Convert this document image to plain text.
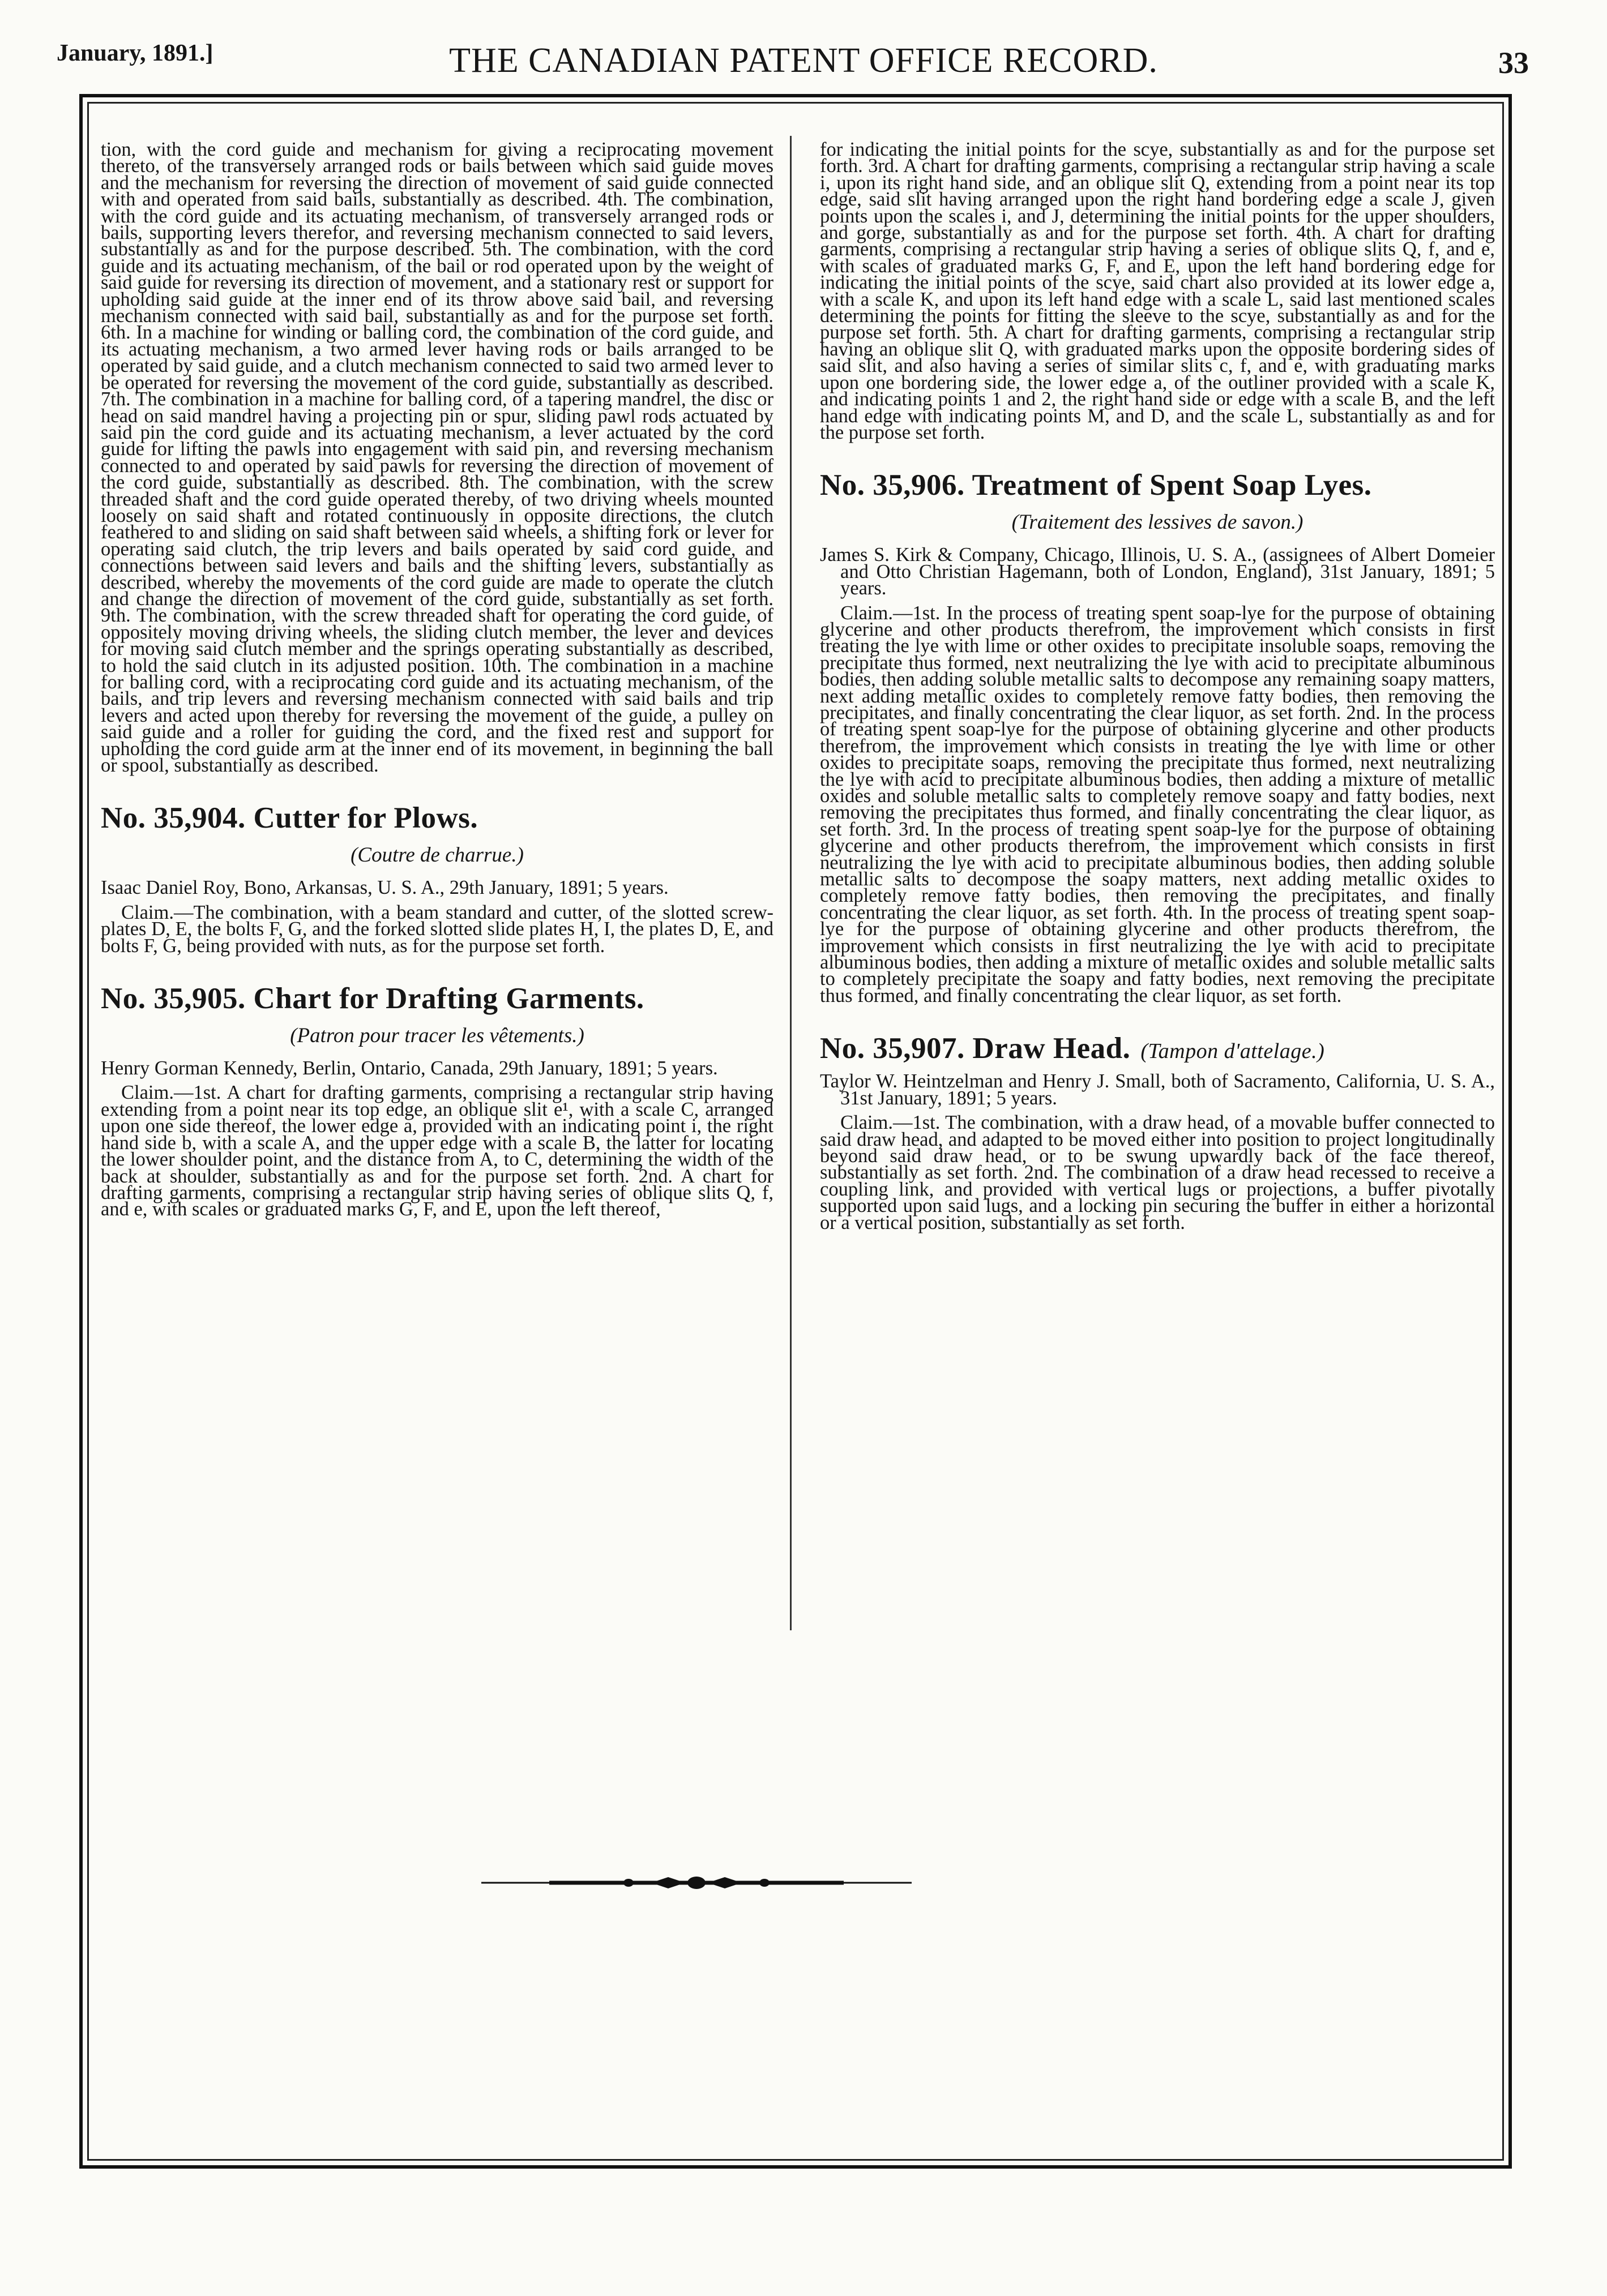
January, 1891.]	THE CANADIAN PATENT OFFICE RECORD.	33

tion, with the cord guide and mechanism for giving a reciprocating movement thereto, of the transversely arranged rods or bails between which said guide moves and the mechanism for reversing the direction of movement of said guide connected with and operated from said bails, substantially as described. 4th. The combination, with the cord guide and its actuating mechanism, of transversely arranged rods or bails, supporting levers therefor, and reversing mechanism connected to said levers, substantially as and for the purpose described. 5th. The combination, with the cord guide and its actuating mechanism, of the bail or rod operated upon by the weight of said guide for reversing its direction of movement, and a stationary rest or support for upholding said guide at the inner end of its throw above said bail, and reversing mechanism connected with said bail, substantially as and for the purpose set forth. 6th. In a machine for winding or balling cord, the combination of the cord guide, and its actuating mechanism, a two armed lever having rods or bails arranged to be operated by said guide, and a clutch mechanism connected to said two armed lever to be operated for reversing the movement of the cord guide, substantially as described. 7th. The combination in a machine for balling cord, of a tapering mandrel, the disc or head on said mandrel having a projecting pin or spur, sliding pawl rods actuated by said pin the cord guide and its actuating mechanism, a lever actuated by the cord guide for lifting the pawls into engagement with said pin, and reversing mechanism connected to and operated by said pawls for reversing the direction of movement of the cord guide, substantially as described. 8th. The combination, with the screw threaded shaft and the cord guide operated thereby, of two driving wheels mounted loosely on said shaft and rotated continuously in opposite directions, the clutch feathered to and sliding on said shaft between said wheels, a shifting fork or lever for operating said clutch, the trip levers and bails operated by said cord guide, and connections between said levers and bails and the shifting levers, substantially as described, whereby the movements of the cord guide are made to operate the clutch and change the direction of movement of the cord guide, substantially as set forth. 9th. The combination, with the screw threaded shaft for operating the cord guide, of oppositely moving driving wheels, the sliding clutch member, the lever and devices for moving said clutch member and the springs operating substantially as described, to hold the said clutch in its adjusted position. 10th. The combination in a machine for balling cord, with a reciprocating cord guide and its actuating mechanism, of the bails, and trip levers and reversing mechanism connected with said bails and trip levers and acted upon thereby for reversing the movement of the guide, a pulley on said guide and a roller for guiding the cord, and the fixed rest and support for upholding the cord guide arm at the inner end of its movement, in beginning the ball or spool, substantially as described.

No. 35,904. Cutter for Plows.
(Coutre de charrue.)

Isaac Daniel Roy, Bono, Arkansas, U. S. A., 29th January, 1891; 5 years.

Claim.—The combination, with a beam standard and cutter, of the slotted screw-plates D, E, the bolts F, G, and the forked slotted slide plates H, I, the plates D, E, and bolts F, G, being provided with nuts, as for the purpose set forth.

No. 35,905. Chart for Drafting Garments.
(Patron pour tracer les vêtements.)

Henry Gorman Kennedy, Berlin, Ontario, Canada, 29th January, 1891; 5 years.

Claim.—1st. A chart for drafting garments, comprising a rectangular strip having extending from a point near its top edge, an oblique slit e¹, with a scale C, arranged upon one side thereof, the lower edge a, provided with an indicating point i, the right hand side b, with a scale A, and the upper edge with a scale B, the latter for locating the lower shoulder point, and the distance from A, to C, determining the width of the back at shoulder, substantially as and for the purpose set forth. 2nd. A chart for drafting garments, comprising a rectangular strip having series of oblique slits Q, f, and e, with scales or graduated marks G, F, and E, upon the left thereof,

for indicating the initial points for the scye, substantially as and for the purpose set forth. 3rd. A chart for drafting garments, comprising a rectangular strip having a scale i, upon its right hand side, and an oblique slit Q, extending from a point near its top edge, said slit having arranged upon the right hand bordering edge a scale J, given points upon the scales i, and J, determining the initial points for the upper shoulders, and gorge, substantially as and for the purpose set forth. 4th. A chart for drafting garments, comprising a rectangular strip having a series of oblique slits Q, f, and e, with scales of graduated marks G, F, and E, upon the left hand bordering edge for indicating the initial points of the scye, said chart also provided at its lower edge a, with a scale K, and upon its left hand edge with a scale L, said last mentioned scales determining the points for fitting the sleeve to the scye, substantially as and for the purpose set forth. 5th. A chart for drafting garments, comprising a rectangular strip having an oblique slit Q, with graduated marks upon the opposite bordering sides of said slit, and also having a series of similar slits c, f, and e, with graduating marks upon one bordering side, the lower edge a, of the outliner provided with a scale K, and indicating points 1 and 2, the right hand side or edge with a scale B, and the left hand edge with indicating points M, and D, and the scale L, substantially as and for the purpose set forth.

No. 35,906. Treatment of Spent Soap Lyes.
(Traitement des lessives de savon.)

James S. Kirk & Company, Chicago, Illinois, U. S. A., (assignees of Albert Domeier and Otto Christian Hagemann, both of London, England), 31st January, 1891; 5 years.

Claim.—1st. In the process of treating spent soap-lye for the purpose of obtaining glycerine and other products therefrom, the improvement which consists in first treating the lye with lime or other oxides to precipitate insoluble soaps, removing the precipitate thus formed, next neutralizing the lye with acid to precipitate albuminous bodies, then adding soluble metallic salts to decompose any remaining soapy matters, next adding metallic oxides to completely remove fatty bodies, then removing the precipitates, and finally concentrating the clear liquor, as set forth. 2nd. In the process of treating spent soap-lye for the purpose of obtaining glycerine and other products therefrom, the improvement which consists in treating the lye with lime or other oxides to precipitate soaps, removing the precipitate thus formed, next neutralizing the lye with acid to precipitate albuminous bodies, then adding a mixture of metallic oxides and soluble metallic salts to completely remove soapy and fatty bodies, next removing the precipitates thus formed, and finally concentrating the clear liquor, as set forth. 3rd. In the process of treating spent soap-lye for the purpose of obtaining glycerine and other products therefrom, the improvement which consists in first neutralizing the lye with acid to precipitate albuminous bodies, then adding soluble metallic salts to decompose the soapy matters, next adding metallic oxides to completely remove fatty bodies, then removing the precipitates, and finally concentrating the clear liquor, as set forth. 4th. In the process of treating spent soap-lye for the purpose of obtaining glycerine and other products therefrom, the improvement which consists in first neutralizing the lye with acid to precipitate albuminous bodies, then adding a mixture of metallic oxides and soluble metallic salts to completely precipitate the soapy and fatty bodies, next removing the precipitate thus formed, and finally concentrating the clear liquor, as set forth.

No. 35,907. Draw Head. (Tampon d'attelage.)

Taylor W. Heintzelman and Henry J. Small, both of Sacramento, California, U. S. A., 31st January, 1891; 5 years.

Claim.—1st. The combination, with a draw head, of a movable buffer connected to said draw head, and adapted to be moved either into position to project longitudinally beyond said draw head, or to be swung upwardly back of the face thereof, substantially as set forth. 2nd. The combination of a draw head recessed to receive a coupling link, and provided with vertical lugs or projections, a buffer pivotally supported upon said lugs, and a locking pin securing the buffer in either a horizontal or a vertical position, substantially as set forth.
